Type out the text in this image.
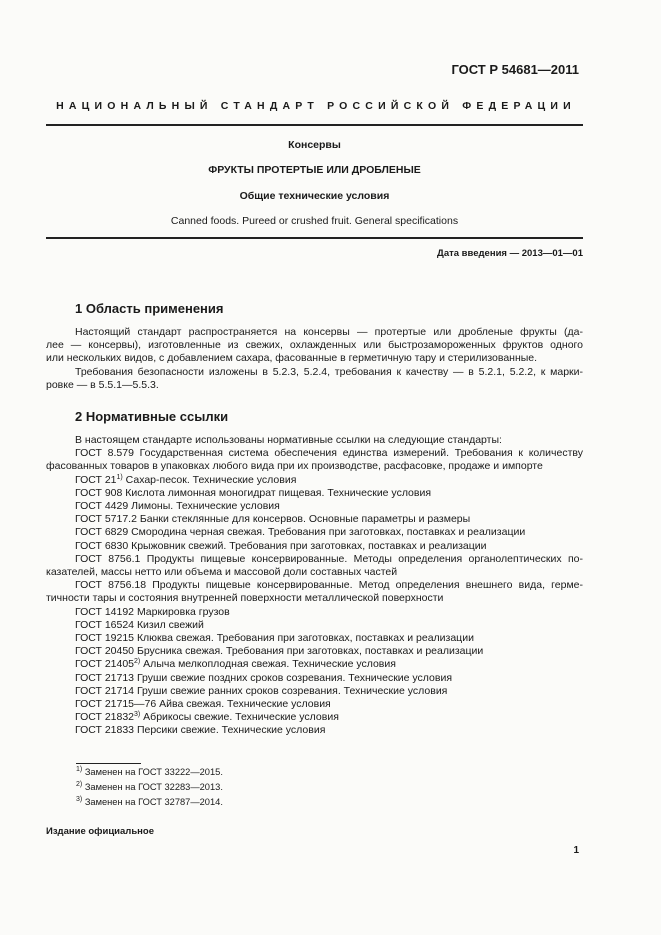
ГОСТ Р 54681—2011
НАЦИОНАЛЬНЫЙ СТАНДАРТ РОССИЙСКОЙ ФЕДЕРАЦИИ
Консервы
ФРУКТЫ ПРОТЕРТЫЕ ИЛИ ДРОБЛЕНЫЕ
Общие технические условия
Canned foods. Pureed or crushed fruit. General specifications
Дата введения — 2013—01—01
1 Область применения
Настоящий стандарт распространяется на консервы — протертые или дробленые фрукты (да-
лее — консервы), изготовленные из свежих, охлажденных или быстрозамороженных фруктов одного
или нескольких видов, с добавлением сахара, фасованные в герметичную тару и стерилизованные.
Требования безопасности изложены в 5.2.3, 5.2.4, требования к качеству — в 5.2.1, 5.2.2, к марки-
ровке — в 5.5.1—5.5.3.
2 Нормативные ссылки
В настоящем стандарте использованы нормативные ссылки на следующие стандарты:
ГОСТ 8.579 Государственная система обеспечения единства измерений. Требования к количеству
фасованных товаров в упаковках любого вида при их производстве, расфасовке, продаже и импорте
ГОСТ 21$^{1)}$ Сахар-песок. Технические условия
ГОСТ 908 Кислота лимонная моногидрат пищевая. Технические условия
ГОСТ 4429 Лимоны. Технические условия
ГОСТ 5717.2 Банки стеклянные для консервов. Основные параметры и размеры
ГОСТ 6829 Смородина черная свежая. Требования при заготовках, поставках и реализации
ГОСТ 6830 Крыжовник свежий. Требования при заготовках, поставках и реализации
ГОСТ 8756.1 Продукты пищевые консервированные. Методы определения органолептических по-
казателей, массы нетто или объема и массовой доли составных частей
ГОСТ 8756.18 Продукты пищевые консервированные. Метод определения внешнего вида, герме-
тичности тары и состояния внутренней поверхности металлической поверхности
ГОСТ 14192 Маркировка грузов
ГОСТ 16524 Кизил свежий
ГОСТ 19215 Клюква свежая. Требования при заготовках, поставках и реализации
ГОСТ 20450 Брусника свежая. Требования при заготовках, поставках и реализации
ГОСТ 21405$^{2)}$ Алыча мелкоплодная свежая. Технические условия
ГОСТ 21713 Груши свежие поздних сроков созревания. Технические условия
ГОСТ 21714 Груши свежие ранних сроков созревания. Технические условия
ГОСТ 21715—76 Айва свежая. Технические условия
ГОСТ 21832$^{3)}$ Абрикосы свежие. Технические условия
ГОСТ 21833 Персики свежие. Технические условия
$^{1)}$ Заменен на ГОСТ 33222—2015.
$^{2)}$ Заменен на ГОСТ 32283—2013.
$^{3)}$ Заменен на ГОСТ 32787—2014.
Издание официальное
1
